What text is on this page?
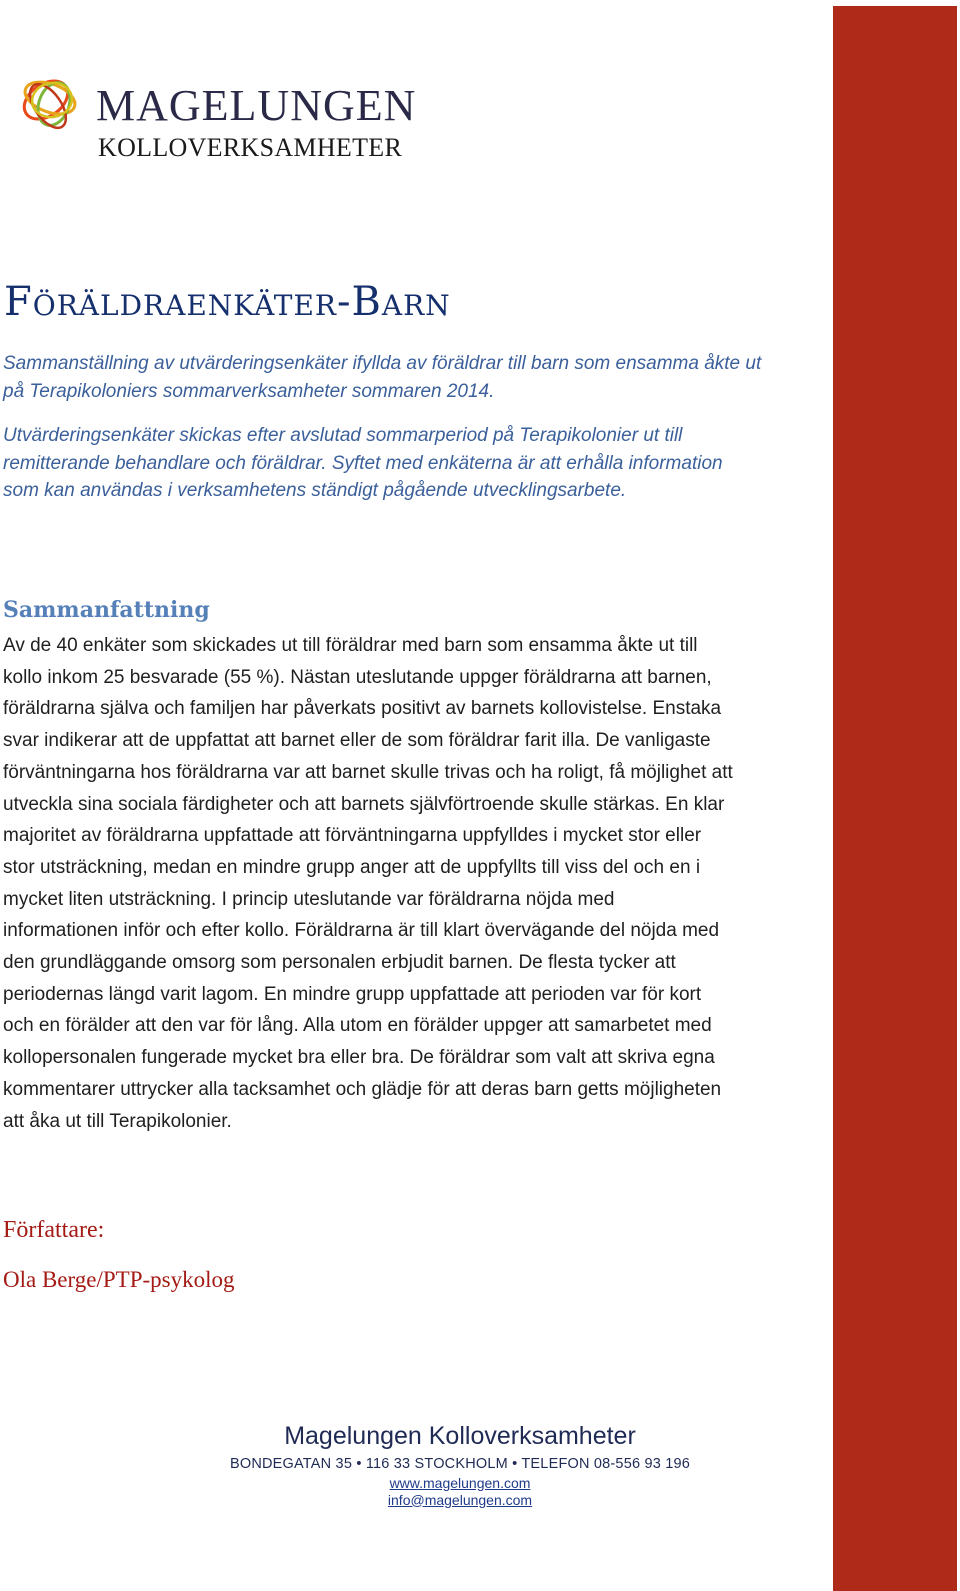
MAGELUNGEN
KOLLOVERKSAMHETER
Föräldraenkäter-Barn

Sammanställning av utvärderingsenkäter ifyllda av föräldrar till barn som ensamma åkte ut på Terapikoloniers sommarverksamheter sommaren 2014.

Utvärderingsenkäter skickas efter avslutad sommarperiod på Terapikolonier ut till remitterande behandlare och föräldrar. Syftet med enkäterna är att erhålla information som kan användas i verksamhetens ständigt pågående utvecklingsarbete.

Sammanfattning

Av de 40 enkäter som skickades ut till föräldrar med barn som ensamma åkte ut till kollo inkom 25 besvarade (55 %). Nästan uteslutande uppger föräldrarna att barnen, föräldrarna själva och familjen har påverkats positivt av barnets kollovistelse. Enstaka svar indikerar att de uppfattat att barnet eller de som föräldrar farit illa. De vanligaste förväntningarna hos föräldrarna var att barnet skulle trivas och ha roligt, få möjlighet att utveckla sina sociala färdigheter och att barnets självförtroende skulle stärkas. En klar majoritet av föräldrarna uppfattade att förväntningarna uppfylldes i mycket stor eller stor utsträckning, medan en mindre grupp anger att de uppfyllts till viss del och en i mycket liten utsträckning. I princip uteslutande var föräldrarna nöjda med informationen inför och efter kollo. Föräldrarna är till klart övervägande del nöjda med den grundläggande omsorg som personalen erbjudit barnen. De flesta tycker att periodernas längd varit lagom. En mindre grupp uppfattade att perioden var för kort och en förälder att den var för lång. Alla utom en förälder uppger att samarbetet med kollopersonalen fungerade mycket bra eller bra. De föräldrar som valt att skriva egna kommentarer uttrycker alla tacksamhet och glädje för att deras barn getts möjligheten att åka ut till Terapikolonier.

Författare:
Ola Berge/PTP-psykolog
Magelungen Kolloverksamheter
BONDEGATAN 35 • 116 33 STOCKHOLM • TELEFON 08-556 93 196
www.magelungen.com
info@magelungen.com
